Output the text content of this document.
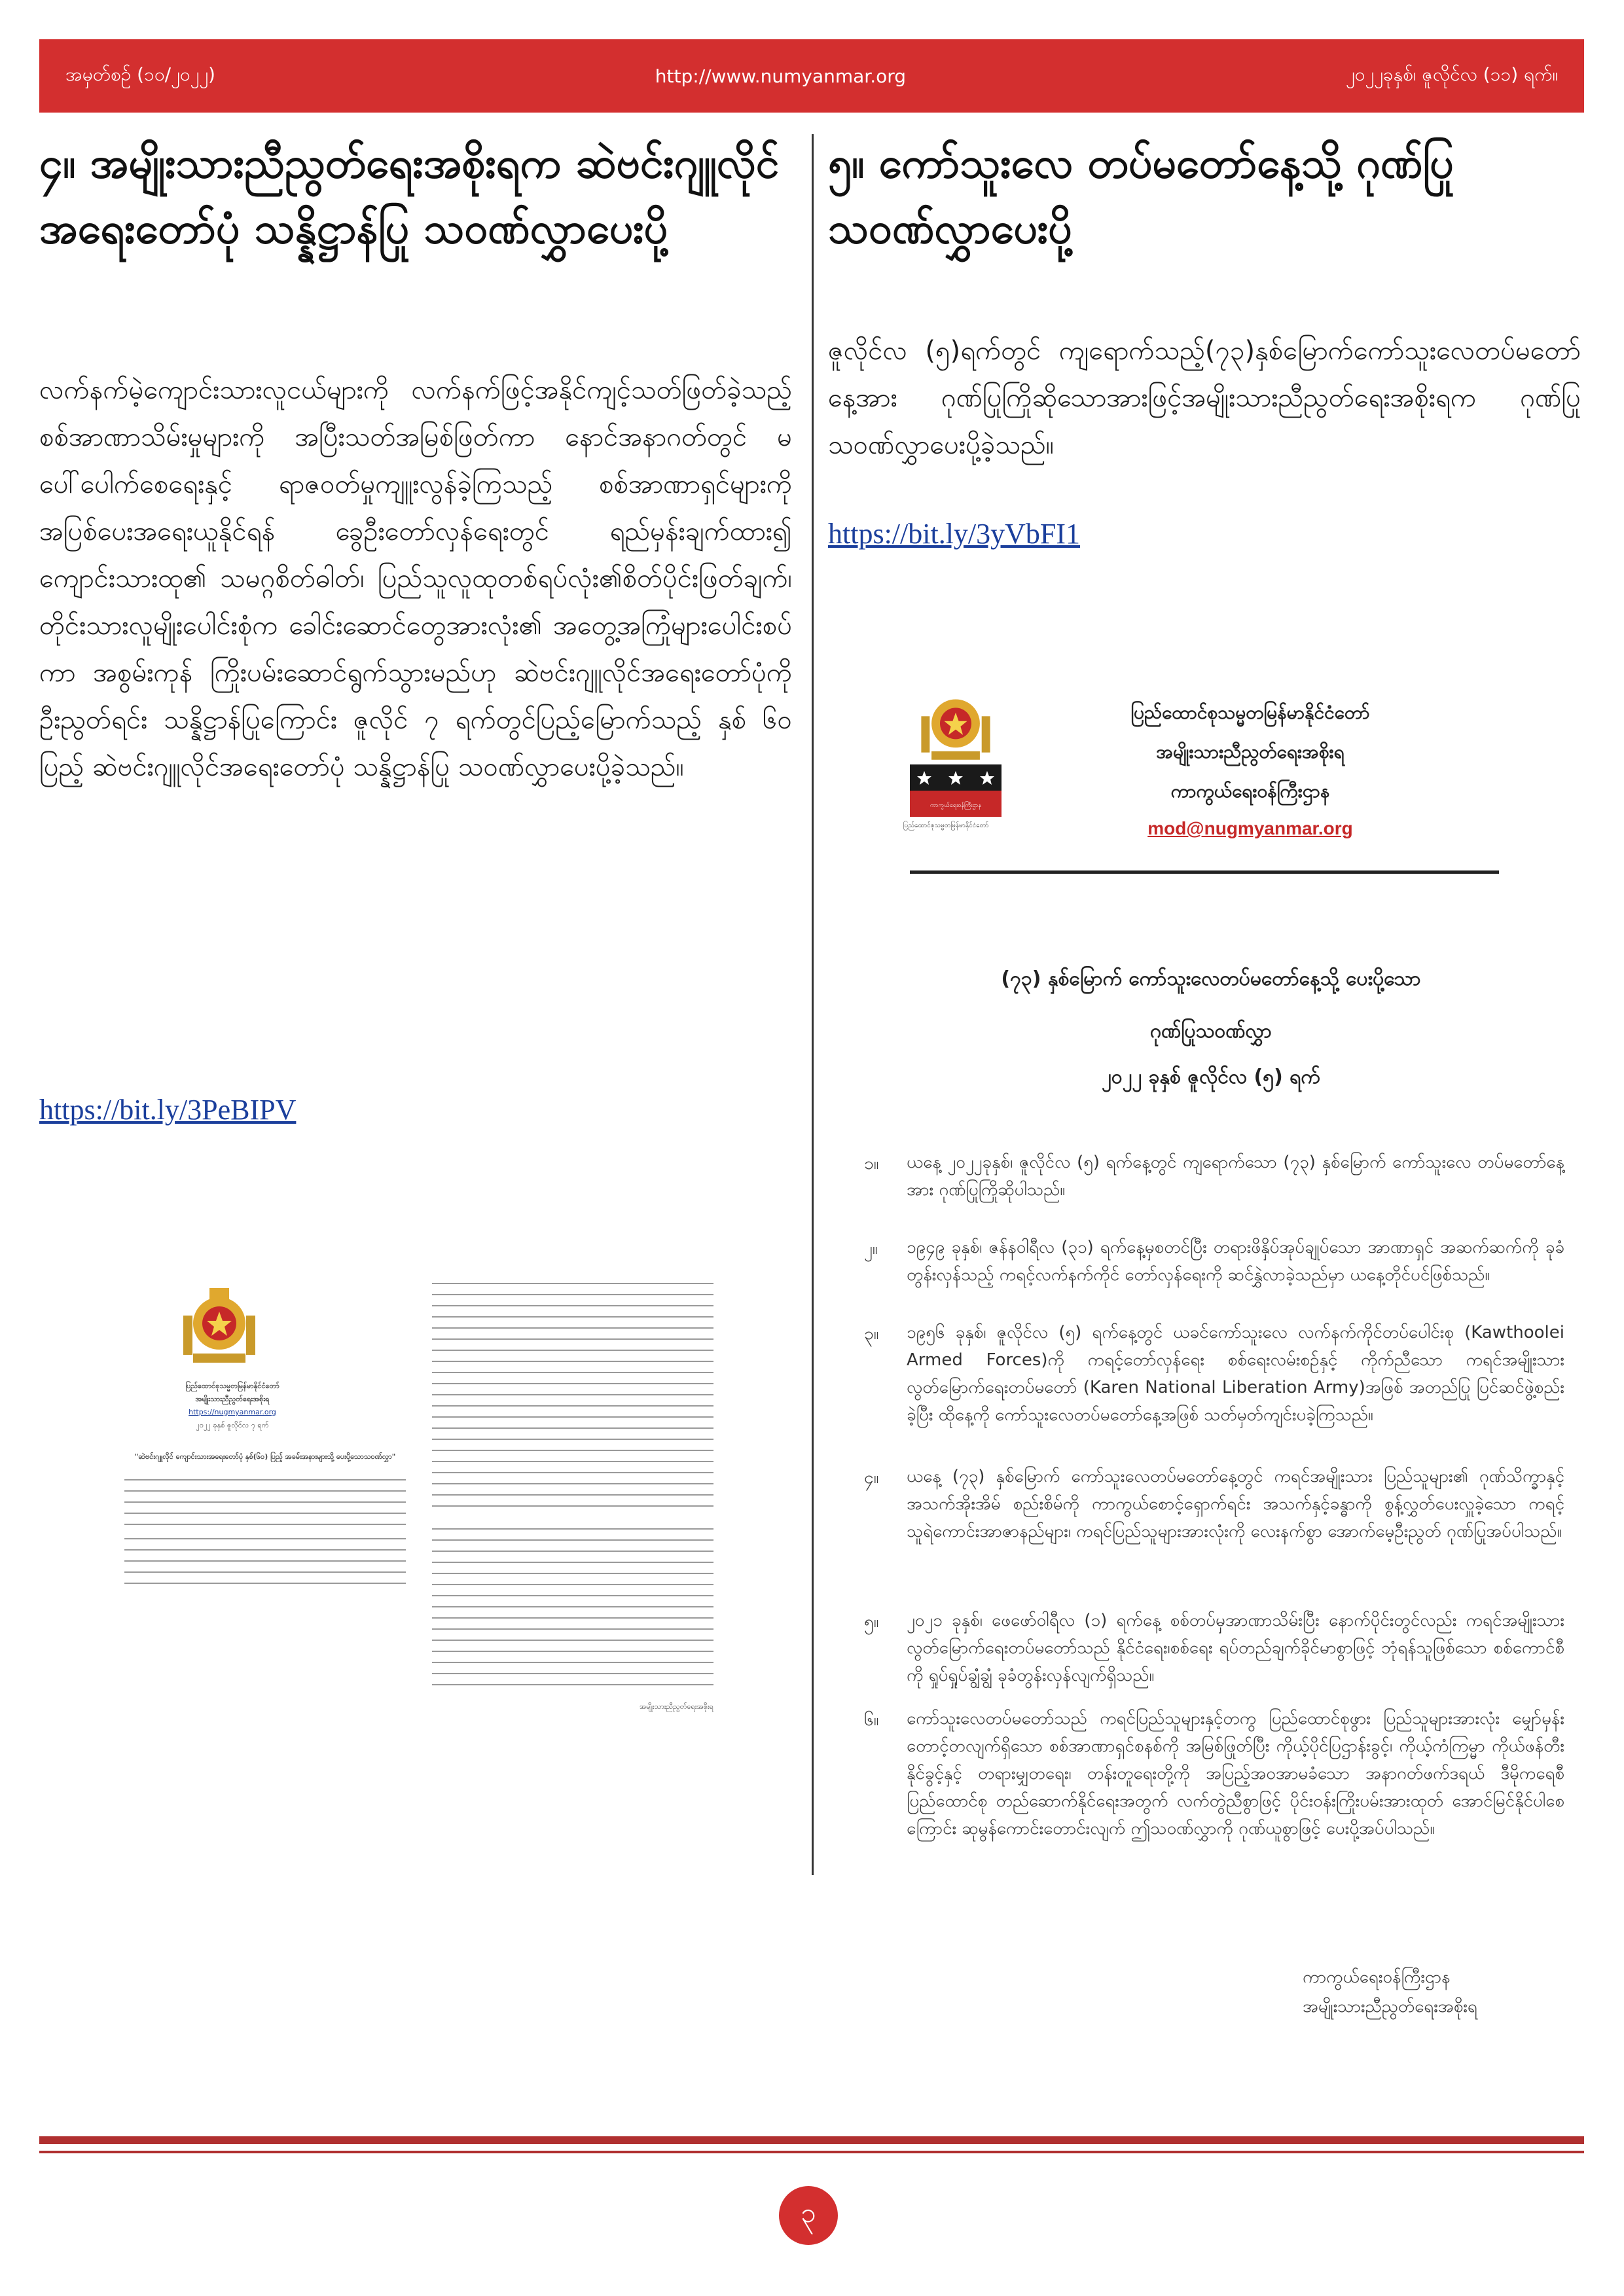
အမှတ်စဥ် (၁၀/၂၀၂၂)	http://www.numyanmar.org	၂၀၂၂ခုနှစ်၊ ဇူလိုင်လ (၁၁) ရက်။
၄။ အမျိုးသားညီညွတ်ရေးအစိုးရက ဆဲဗင်းဂျူလိုင်အရေးတော်ပုံ သန္နိဋ္ဌာန်ပြု သဝဏ်လွှာပေးပို့

လက်နက်မဲ့ကျောင်းသားလူငယ်များကို လက်နက်ဖြင့်အနိုင်ကျင့်သတ်ဖြတ်ခဲ့သည့် စစ်အာဏာသိမ်းမှုများကို အပြီးသတ်အမြစ်ဖြတ်ကာ နောင်အနာဂတ်တွင် မပေါ်ပေါက်စေရေးနှင့် ရာဇဝတ်မှုကျူးလွန်ခဲ့ကြသည့် စစ်အာဏာရှင်များကို အပြစ်ပေးအရေးယူနိုင်ရန် ခွေဦးတော်လှန်ရေးတွင် ရည်မှန်းချက်ထား၍ ကျောင်းသားထု၏ သမဂ္ဂစိတ်ဓါတ်၊ ပြည်သူလူထုတစ်ရပ်လုံး၏စိတ်ပိုင်းဖြတ်ချက်၊ တိုင်းသားလူမျိုးပေါင်းစုံက ခေါင်းဆောင်တွေအားလုံး၏ အတွေ့အကြုံများပေါင်းစပ်ကာ အစွမ်းကုန် ကြိုးပမ်းဆောင်ရွက်သွားမည်ဟု ဆဲဗင်းဂျူလိုင်အရေးတော်ပုံကို ဦးညွတ်ရင်း သန္နိဋ္ဌာန်ပြုကြောင်း ဇူလိုင် ၇ ရက်တွင်ပြည့်မြောက်သည့် နှစ် ၆၀ ပြည့် ဆဲဗင်းဂျူလိုင်အရေးတော်ပုံ သန္နိဋ္ဌာန်ပြု သဝဏ်လွှာပေးပို့ခဲ့သည်။

https://bit.ly/3PeBIPV
ပြည်ထောင်စုသမ္မတမြန်မာနိုင်ငံတော်
အမျိုးသားညီညွတ်ရေးအစိုးရ
https://nugmyanmar.org
၂၀၂၂ ခုနှစ် ဇူလိုင်လ ၇ ရက်
"ဆဲဗင်းဂျူလိုင် ကျောင်းသားအရေးတော်ပုံ နှစ်(၆၀) ပြည့် အခမ်းအနားများသို့ ပေးပို့သောသဝဏ်လွှာ"
အမျိုးသားညီညွတ်ရေးအစိုးရ
၅။ ကော်သူးလေ တပ်မတော်နေ့သို့ ဂုဏ်ပြုသဝဏ်လွှာပေးပို့

ဇူလိုင်လ (၅)ရက်တွင် ကျရောက်သည့်(၇၃)နှစ်မြောက်ကော်သူးလေတပ်မတော်နေ့အား ဂုဏ်ပြုကြိုဆိုသောအားဖြင့်အမျိုးသားညီညွတ်ရေးအစိုးရက ဂုဏ်ပြုသဝဏ်လွှာပေးပို့ခဲ့သည်။

https://bit.ly/3yVbFI1
ကာကွယ်ရေးဝန်ကြီးဌာန
ပြည်ထောင်စုသမ္မတမြန်မာနိုင်ငံတော်
ပြည်ထောင်စုသမ္မတမြန်မာနိုင်ငံတော်
အမျိုးသားညီညွတ်ရေးအစိုးရ
ကာကွယ်ရေးဝန်ကြီးဌာန
mod@nugmyanmar.org
(၇၃) နှစ်မြောက် ကော်သူးလေတပ်မတော်နေ့သို့ ပေးပို့သော
ဂုဏ်ပြုသဝဏ်လွှာ
၂၀၂၂ ခုနှစ် ဇူလိုင်လ (၅) ရက်
၁။ ယနေ့ ၂၀၂၂ခုနှစ်၊ ဇူလိုင်လ (၅) ရက်နေ့တွင် ကျရောက်သော (၇၃) နှစ်မြောက် ကော်သူးလေ တပ်မတော်နေ့အား ဂုဏ်ပြုကြိုဆိုပါသည်။
၂။ ၁၉၄၉ ခုနှစ်၊ ဇန်နဝါရီလ (၃၁) ရက်နေ့မှစတင်ပြီး တရားဖိနှိပ်အုပ်ချုပ်သော အာဏာရှင် အဆက်ဆက်ကို ခုခံတွန်းလှန်သည့် ကရင့်လက်နက်ကိုင် တော်လှန်ရေးကို ဆင်နွှဲလာခဲ့သည်မှာ ယနေ့တိုင်ပင်ဖြစ်သည်။
၃။ ၁၉၅၆ ခုနှစ်၊ ဇူလိုင်လ (၅) ရက်နေ့တွင် ယခင်ကော်သူးလေ လက်နက်ကိုင်တပ်ပေါင်းစု (Kawthoolei Armed Forces)ကို ကရင့်တော်လှန်ရေး စစ်ရေးလမ်းစဥ်နှင့် ကိုက်ညီသော ကရင်အမျိုးသား လွတ်မြောက်ရေးတပ်မတော် (Karen National Liberation Army)အဖြစ် အတည်ပြု ပြင်ဆင်ဖွဲ့စည်းခဲ့ပြီး ထိုနေ့ကို ကော်သူးလေတပ်မတော်နေ့အဖြစ် သတ်မှတ်ကျင်းပခဲ့ကြသည်။
၄။ ယနေ့ (၇၃) နှစ်မြောက် ကော်သူးလေတပ်မတော်နေ့တွင် ကရင်အမျိုးသား ပြည်သူများ၏ ဂုဏ်သိက္ခာနှင့် အသက်အိုးအိမ် စည်းစိမ်ကို ကာကွယ်စောင့်ရှောက်ရင်း အသက်နှင့်ခန္ဓာကို စွန့်လွှတ်ပေးလှူခဲ့သော ကရင့်သူရဲကောင်းအာဇာနည်များ၊ ကရင်ပြည်သူများအားလုံးကို လေးနက်စွာ အောက်မေ့ဦးညွတ် ဂုဏ်ပြုအပ်ပါသည်။
၅။ ၂၀၂၁ ခုနှစ်၊ ဖေဖော်ဝါရီလ (၁) ရက်နေ့ စစ်တပ်မှအာဏာသိမ်းပြီး နောက်ပိုင်းတွင်လည်း ကရင်အမျိုးသား လွတ်မြောက်ရေးတပ်မတော်သည် နိုင်ငံရေး၊စစ်ရေး ရပ်တည်ချက်ခိုင်မာစွာဖြင့် ဘုံရန်သူဖြစ်သော စစ်ကောင်စီကို ရှုပ်ရှုပ်ချွံချွံ ခုခံတွန်းလှန်လျက်ရှိသည်။
၆။ ကော်သူးလေတပ်မတော်သည် ကရင်ပြည်သူများနှင့်တကွ ပြည်ထောင်စုဖွား ပြည်သူများအားလုံး မျှော်မှန်းတောင့်တလျက်ရှိသော စစ်အာဏာရှင်စနစ်ကို အမြစ်ဖြုတ်ပြီး ကိုယ့်ပိုင်ပြဌာန်းခွင့်၊ ကိုယ့်ကံကြမ္မာ ကိုယ်ဖန်တီးနိုင်ခွင့်နှင့် တရားမျှတရေး၊ တန်းတူရေးတို့ကို အပြည့်အဝအာမခံသော အနာဂတ်ဖက်ဒရယ် ဒီမိုကရေစီပြည်ထောင်စု တည်ဆောက်နိုင်ရေးအတွက် လက်တွဲညီစွာဖြင့် ပိုင်းဝန်းကြိုးပမ်းအားထုတ် အောင်မြင်နိုင်ပါစေကြောင်း ဆုမွန်ကောင်းတောင်းလျက် ဤသဝဏ်လွှာကို ဂုဏ်ယူစွာဖြင့် ပေးပို့အပ်ပါသည်။
ကာကွယ်ရေးဝန်ကြီးဌာန
အမျိုးသားညီညွတ်ရေးအစိုးရ
၃
